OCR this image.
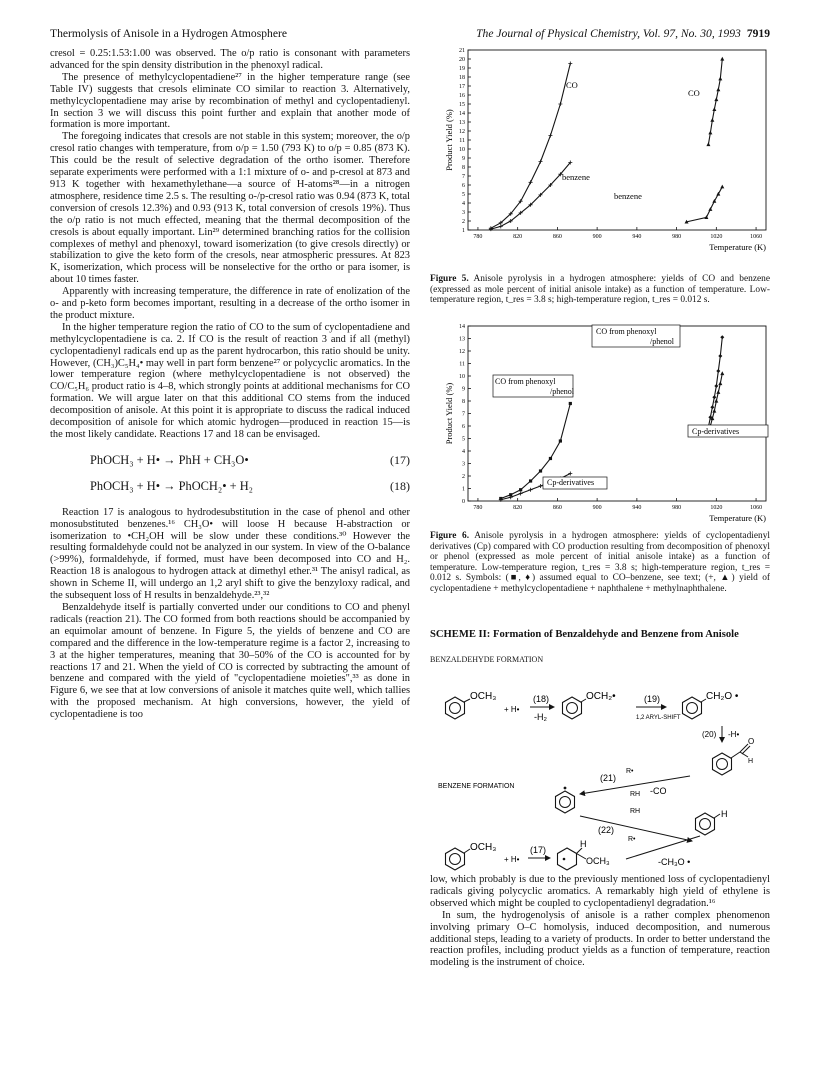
Thermolysis of Anisole in a Hydrogen Atmosphere	The Journal of Physical Chemistry, Vol. 97, No. 30, 1993 7919

cresol = 0.25:1.53:1.00 was observed. The o/p ratio is consonant with parameters advanced for the spin density distribution in the phenoxyl radical.

The presence of methylcyclopentadiene²⁷ in the higher temperature range (see Table IV) suggests that cresols eliminate CO similar to reaction 3. Alternatively, methylcyclopentadiene may arise by recombination of methyl and cyclopentadienyl. In section 3 we will discuss this point further and explain that another mode of formation is more important.

The foregoing indicates that cresols are not stable in this system; moreover, the o/p cresol ratio changes with temperature, from o/p = 1.50 (793 K) to o/p = 0.85 (873 K). This could be the result of selective degradation of the ortho isomer. Therefore separate experiments were performed with a 1:1 mixture of o- and p-cresol at 873 and 913 K together with hexamethylethane—a source of H-atoms²⁸—in a nitrogen atmosphere, residence time 2.5 s. The resulting o-/p-cresol ratio was 0.94 (873 K, total conversion of cresols 12.3%) and 0.93 (913 K, total conversion of cresols 19%). Thus the o/p ratio is not much effected, meaning that the thermal decomposition of the cresols is about equally important. Lin²⁹ determined branching ratios for the collision complexes of methyl and phenoxyl, toward isomerization (to give cresols directly) or stabilization to give the keto form of the cresols, near atmospheric pressures. At 823 K, isomerization, which process will be nonselective for the ortho or para isomer, is about 10 times faster.

Apparently with increasing temperature, the difference in rate of enolization of the o- and p-keto form becomes important, resulting in a decrease of the ortho isomer in the product mixture.

In the higher temperature region the ratio of CO to the sum of cyclopentadiene and methylcyclopentadiene is ca. 2. If CO is the result of reaction 3 and if all (methyl) cyclopentadienyl radicals end up as the parent hydrocarbon, this ratio should be unity. However, (CH₃)C₅H₄• may well in part form benzene²⁷ or polycyclic aromatics. In the lower temperature region (where methylcyclopentadiene is not observed) the CO/C₅H₆ product ratio is 4–8, which strongly points at additional mechanisms for CO formation. We will argue later on that this additional CO stems from the induced decomposition of anisole. At this point it is appropriate to discuss the radical induced decomposition of anisole for which atomic hydrogen—produced in reaction 15—is the most likely candidate. Reactions 17 and 18 can be envisaged.

PhOCH₃ + H• → PhH + CH₃O•	(17)
PhOCH₃ + H• → PhOCH₂• + H₂	(18)

Reaction 17 is analogous to hydrodesubstitution in the case of phenol and other monosubstituted benzenes.¹⁶ CH₃O• will loose H because H-abstraction or isomerization to •CH₂OH will be slow under these conditions.³⁰ However the resulting formaldehyde could not be analyzed in our system. In view of the O-balance (>99%), formaldehyde, if formed, must have been decomposed into CO and H₂. Reaction 18 is analogous to hydrogen attack at dimethyl ether.³¹ The anisyl radical, as shown in Scheme II, will undergo an 1,2 aryl shift to give the benzyloxy radical, and the subsequent loss of H results in benzaldehyde.²³,³²

Benzaldehyde itself is partially converted under our conditions to CO and phenyl radicals (reaction 21). The CO formed from both reactions should be accompanied by an equimolar amount of benzene. In Figure 5, the yields of benzene and CO are compared and the difference in the low-temperature regime is a factor 2, increasing to 3 at the higher temperatures, meaning that 30–50% of the CO is accounted for by reactions 17 and 21. When the yield of CO is corrected by subtracting the amount of benzene and compared with the yield of "cyclopentadiene moieties",³³ as done in Figure 6, we see that at low conversions of anisole it matches quite well, which tallies with the proposed mechanism. At high conversions, however, the yield of cyclopentadiene is too

780	820	860	900	940	980	1020	1060
1
2
3
4
5
6
7
8
9
10
11
12
13
14
15
16
17
18
19
20
21
Temperature (K)
Product Yield (%)
CO
benzene
CO
benzene
Figure 5. Anisole pyrolysis in a hydrogen atmosphere: yields of CO and benzene (expressed as mole percent of initial anisole intake) as a function of temperature. Low-temperature region, t_res = 3.8 s; high-temperature region, t_res = 0.012 s.
780	820	860	900	940	980	1020	1060
0
1
2
3
4
5
6
7
8
9
10
11
12
13
14
Temperature (K)
Product Yield (%)
CO from phenoxyl
/phenol
CO from phenoxyl
/phenol
Cp-derivatives
Cp-derivatives
Figure 6. Anisole pyrolysis in a hydrogen atmosphere: yields of cyclopentadienyl derivatives (Cp) compared with CO production resulting from decomposition of phenoxyl or phenol (expressed as mole percent of initial anisole intake) as a function of temperature. Low-temperature region, t_res = 3.8 s; high-temperature region, t_res = 0.012 s. Symbols: (■, ♦) assumed equal to CO–benzene, see text; (+, ▲) yield of cyclopentadiene + methylcyclopentadiene + naphthalene + methylnaphthalene.
SCHEME II: Formation of Benzaldehyde and Benzene from Anisole
BENZALDEHYDE FORMATION
OCH₃
+ H•
(18)
-H₂
OCH₂•	(19)
1,2 ARYL-SHIFT
CH₂O •
(20) -H•
O
H
BENZENE FORMATION
R•
(21)
RH -CO
RH
(22)
R•
H
OCH₃
+ H•
(17)
H
OCH₃	-CH₃O •

low, which probably is due to the previously mentioned loss of cyclopentadienyl radicals giving polycyclic aromatics. A remarkably high yield of ethylene is observed which might be coupled to cyclopentadienyl degradation.¹⁶

In sum, the hydrogenolysis of anisole is a rather complex phenomenon involving primary O–C homolysis, induced decomposition, and numerous additional steps, leading to a variety of products. In order to better understand the reaction profiles, including product yields as a function of temperature, reaction modeling is the instrument of choice.
